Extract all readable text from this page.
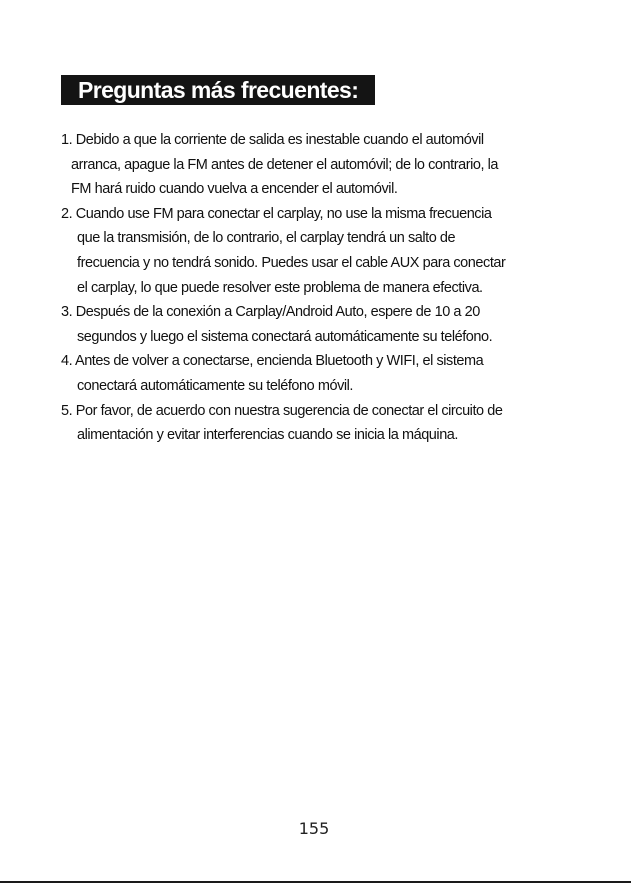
Preguntas más frecuentes:
1. Debido a que la corriente de salida es inestable cuando el automóvil
arranca, apague la FM antes de detener el automóvil; de lo contrario, la
FM hará ruido cuando vuelva a encender el automóvil.
2. Cuando use FM para conectar el carplay, no use la misma frecuencia
que la transmisión, de lo contrario, el carplay tendrá un salto de
frecuencia y no tendrá sonido. Puedes usar el cable AUX para conectar
el carplay, lo que puede resolver este problema de manera efectiva.
3. Después de la conexión a Carplay/Android Auto, espere de 10 a 20
segundos y luego el sistema conectará automáticamente su teléfono.
4. Antes de volver a conectarse, encienda Bluetooth y WIFI, el sistema
conectará automáticamente su teléfono móvil.
5. Por favor, de acuerdo con nuestra sugerencia de conectar el circuito de
alimentación y evitar interferencias cuando se inicia la máquina.
155
